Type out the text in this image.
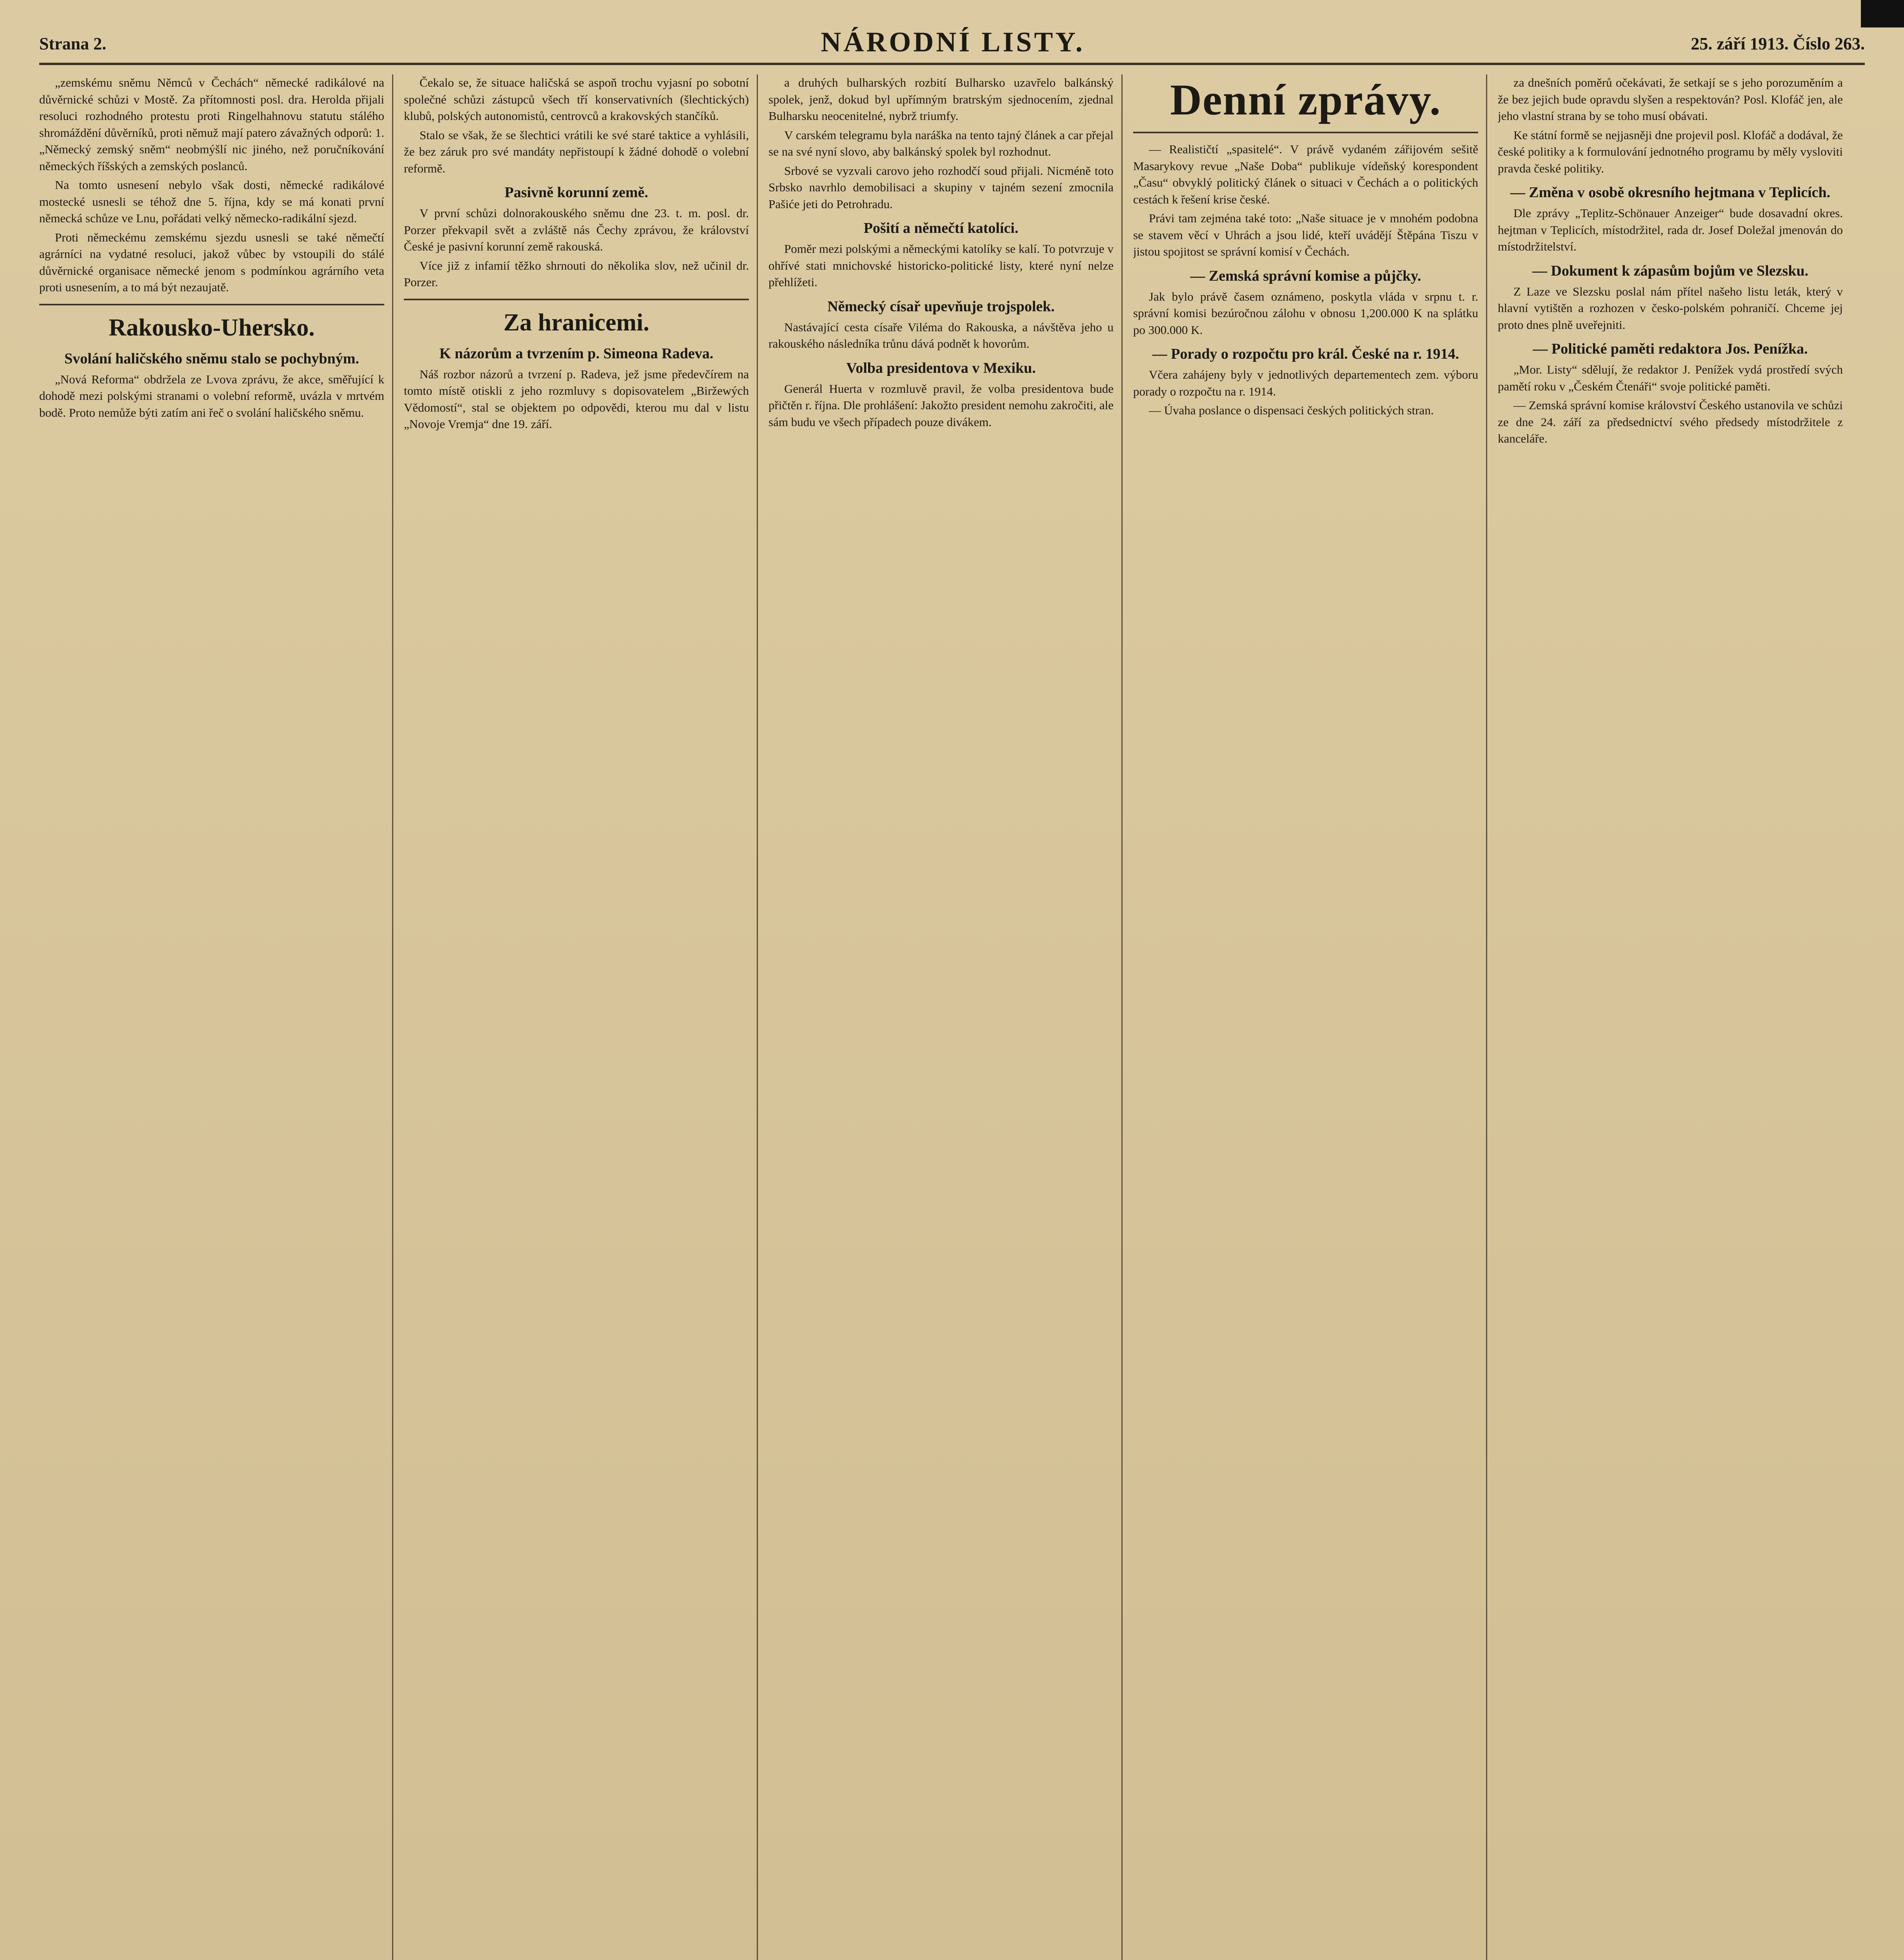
Strana 2.	NÁRODNÍ LISTY.	25. září 1913. Číslo 263.

„zemskému sněmu Němců v Čechách“ německé radikálové na důvěrnické schůzi v Mostě. Za přítomnosti posl. dra. Herolda přijali resoluci rozhodného protestu proti Ringelhahnovu statutu stálého shromáždění důvěrníků, proti němuž mají patero závažných odporů: 1. „Německý zemský sněm“ neobmýšlí nic jiného, než poručníkování německých říšských a zemských poslanců.

Na tomto usnesení nebylo však dosti, německé radikálové mostecké usnesli se téhož dne 5. října, kdy se má konati první německá schůze ve Lnu, pořádati velký německo-radikální sjezd.

Proti německému zemskému sjezdu usnesli se také němečtí agrárníci na vydatné resoluci, jakož vůbec by vstoupili do stálé důvěrnické organisace německé jenom s podmínkou agrárního veta proti usnesením, a to má být nezaujatě.

Rakousko-Uhersko.
Svolání haličského sněmu stalo se pochybným.

„Nová Reforma“ obdržela ze Lvova zprávu, že akce, směřující k dohodě mezi polskými stranami o volební reformě, uvázla v mrtvém bodě. Proto nemůže býti zatím ani řeč o svolání haličského sněmu.

Čekalo se, že situace haličská se aspoň trochu vyjasní po sobotní společné schůzi zástupců všech tří konservativních (šlechtických) klubů, polských autonomistů, centrovců a krakovských stančíků.

Stalo se však, že se šlechtici vrátili ke své staré taktice a vyhlásili, že bez záruk pro své mandáty nepřistoupí k žádné dohodě o volební reformě.

Pasivně korunní země.

V první schůzi dolnorakouského sněmu dne 23. t. m. posl. dr. Porzer překvapil svět a zvláště nás Čechy zprávou, že království České je pasivní korunní země rakouská.

Více již z infamií těžko shrnouti do několika slov, než učinil dr. Porzer.

Za hranicemi.
K názorům a tvrzením p. Simeona Radeva.

Náš rozbor názorů a tvrzení p. Radeva, jež jsme předevčírem na tomto místě otiskli z jeho rozmluvy s dopisovatelem „Biržewých Vědomostí“, stal se objektem po odpovědi, kterou mu dal v listu „Novoje Vremja“ dne 19. září.

a druhých bulharských rozbití Bulharsko uzavřelo balkánský spolek, jenž, dokud byl upřímným bratrským sjednocením, zjednal Bulharsku neocenitelné, nybrž triumfy.

V carském telegramu byla naráška na tento tajný článek a car přejal se na své nyní slovo, aby balkánský spolek byl rozhodnut.

Srbové se vyzvali carovo jeho rozhodčí soud přijali. Nicméně toto Srbsko navrhlo demobilisaci a skupiny v tajném sezení zmocnila Pašiće jeti do Petrohradu.

Pošití a němečtí katolíci.

Poměr mezi polskými a německými katolíky se kalí. To potvrzuje v ohřívé stati mnichovské historicko-politické listy, které nyní nelze přehlížeti.

Německý císař upevňuje trojspolek.

Nastávající cesta císaře Viléma do Rakouska, a návštěva jeho u rakouského následníka trůnu dává podnět k hovorům.

Volba presidentova v Mexiku.

Generál Huerta v rozmluvě pravil, že volba presidentova bude přičtěn r. října. Dle prohlášení: Jakožto president nemohu zakročiti, ale sám budu ve všech případech pouze divákem.

Denní zprávy.

— Realističtí „spasitelé“. V právě vydaném zářijovém sešitě Masarykovy revue „Naše Doba“ publikuje vídeňský korespondent „Času“ obvyklý politický článek o situaci v Čechách a o politických cestách k řešení krise české.

Právi tam zejména také toto: „Naše situace je v mnohém podobna se stavem věcí v Uhrách a jsou lidé, kteří uvádějí Štěpána Tiszu v jistou spojitost se správní komisí v Čechách.

— Zemská správní komise a půjčky.

Jak bylo právě časem oznámeno, poskytla vláda v srpnu t. r. správní komisi bezúročnou zálohu v obnosu 1,200.000 K na splátku po 300.000 K.

— Porady o rozpočtu pro král. České na r. 1914.

Včera zahájeny byly v jednotlivých departementech zem. výboru porady o rozpočtu na r. 1914.

— Úvaha poslance o dispensaci českých politických stran.

za dnešních poměrů očekávati, že setkají se s jeho porozuměním a že bez jejich bude opravdu slyšen a respektován? Posl. Klofáč jen, ale jeho vlastní strana by se toho musí obávati.

Ke státní formě se nejjasněji dne projevil posl. Klofáč a dodával, že české politiky a k formulování jednotného programu by měly vysloviti pravda české politiky.

— Změna v osobě okresního hejtmana v Teplicích.

Dle zprávy „Teplitz-Schönauer Anzeiger“ bude dosavadní okres. hejtman v Teplicích, místodržitel, rada dr. Josef Doležal jmenován do místodržitelství.

— Dokument k zápasům bojům ve Slezsku.

Z Laze ve Slezsku poslal nám přítel našeho listu leták, který v hlavní vytištěn a rozhozen v česko-polském pohraničí. Chceme jej proto dnes plně uveřejniti.

— Politické paměti redaktora Jos. Penížka.

„Mor. Listy“ sdělují, že redaktor J. Penížek vydá prostředí svých pamětí roku v „Českém Čtenáři“ svoje politické paměti.

— Zemská správní komise království Českého ustanovila ve schůzi ze dne 24. září za předsednictví svého předsedy místodržitele z kanceláře.
